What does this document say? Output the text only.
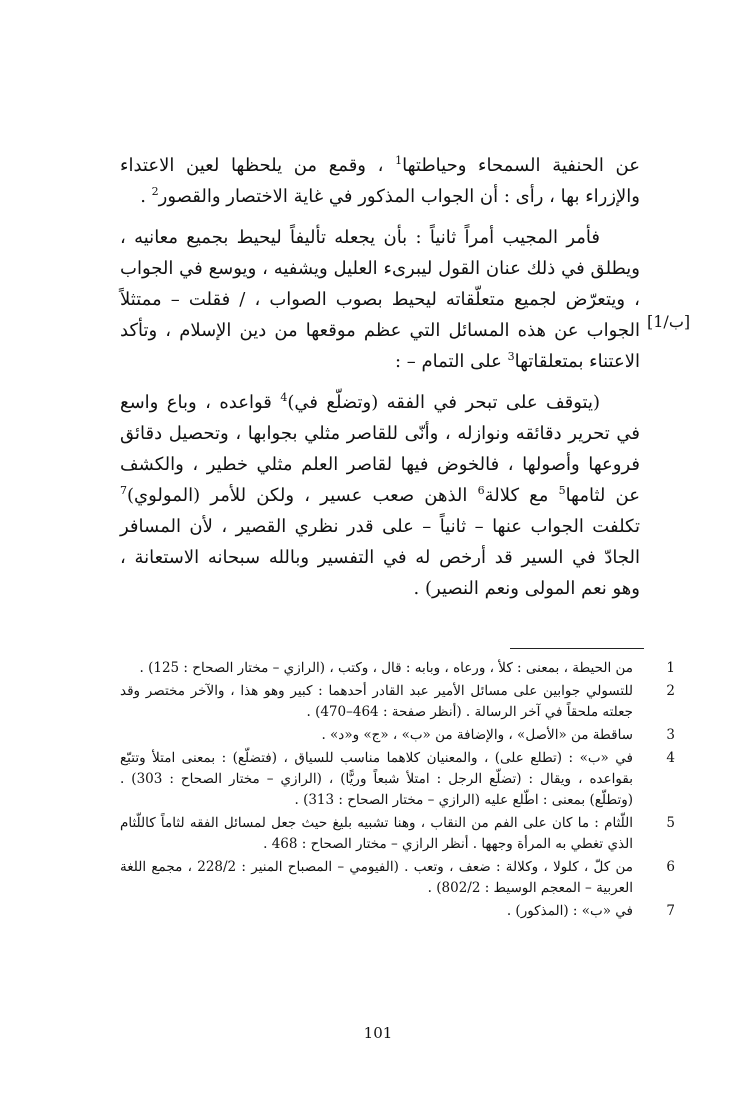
عن الحنفية السمحاء وحياطتها$^1$ ، وقمع من يلحظها لعين الاعتداء والإزراء بها ، رأى : أن الجواب المذكور في غاية الاختصار والقصور$^2$ .

فأمر المجيب أمراً ثانياً : بأن يجعله تأليفاً ليحيط بجميع معانيه ، ويطلق في ذلك عنان القول ليبرىء العليل ويشفيه ، ويوسع في الجواب ، ويتعرّض لجميع متعلّقاته ليحيط بصوب الصواب ، / فقلت – ممتثلاً الجواب عن هذه المسائل التي عظم موقعها من دين الإسلام ، وتأكد الاعتناء بمتعلقاتها$^3$ على التمام – :

(يتوقف على تبحر في الفقه (وتضلّع في)$^4$ قواعده ، وباع واسع في تحرير دقائقه ونوازله ، وأنّى للقاصر مثلي بجوابها ، وتحصيل دقائق فروعها وأصولها ، فالخوض فيها لقاصر العلم مثلي خطير ، والكشف عن لثامها$^5$ مع كلالة$^6$ الذهن صعب عسير ، ولكن للأمر (المولوي)$^7$ تكلفت الجواب عنها – ثانياً – على قدر نظري القصير ، لأن المسافر الجادّ في السير قد أرخص له في التفسير وبالله سبحانه الاستعانة ، وهو نعم المولى ونعم النصير) .

[1/ب]
1
من الحيطة ، بمعنى : كلأ ، ورعاه ، وبابه : قال ، وكتب ، (الرازي – مختار الصحاح : 125) .
2
للتسولي جوابين على مسائل الأمير عبد القادر أحدهما : كبير وهو هذا ، والآخر مختصر وقد جعلته ملحقاً في آخر الرسالة . (أنظر صفحة : 464–470) .
3
ساقطة من «الأصل» ، والإضافة من «ب» ، «ج» و«د» .
4
في «ب» : (تطلع على) ، والمعنيان كلاهما مناسب للسياق ، (فتضلّع) : بمعنى امتلأ وتتبّع بقواعده ، ويقال : (تضلّع الرجل : امتلأ شبعاً وريًّا) ، (الرازي – مختار الصحاح : 303) . (وتطلّع) بمعنى : اطّلع عليه (الرازي – مختار الصحاح : 313) .
5
اللّثام : ما كان على الفم من النقاب ، وهنا تشبيه بليغ حيث جعل لمسائل الفقه لثاماً كاللّثام الذي تغطي به المرأة وجهها . أنظر الرازي – مختار الصحاح : 468 .
6
من كلّ ، كلولا ، وكلالة : ضعف ، وتعب . (الفيومي – المصباح المنير : 228/2 ، مجمع اللغة العربية – المعجم الوسيط : 802/2) .
7
في «ب» : (المذكور) .
101
